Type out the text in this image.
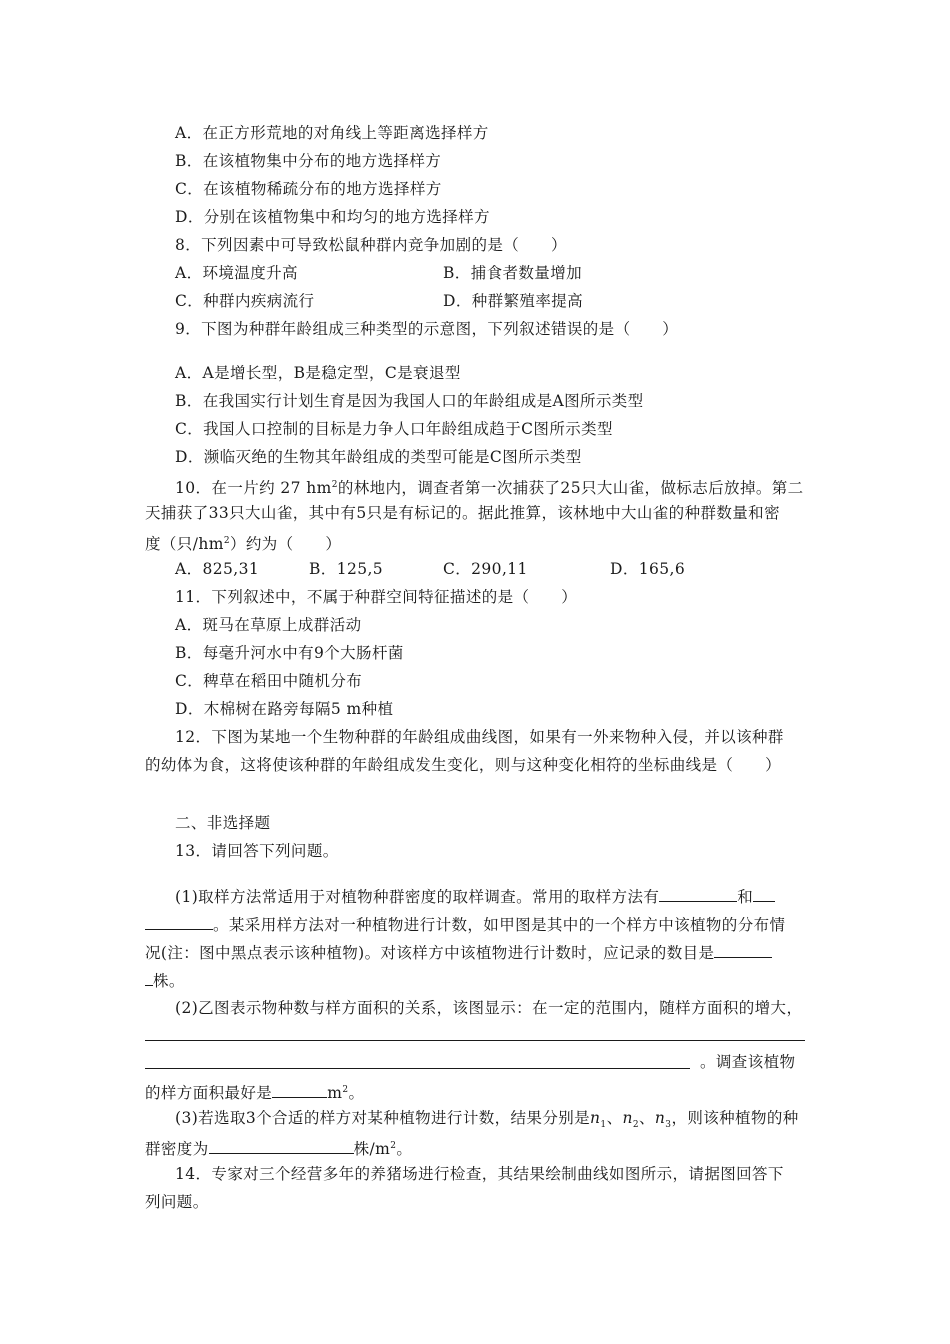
A．在正方形荒地的对角线上等距离选择样方
B．在该植物集中分布的地方选择样方
C．在该植物稀疏分布的地方选择样方
D．分别在该植物集中和均匀的地方选择样方
8．下列因素中可导致松鼠种群内竞争加剧的是（　　）
A．环境温度升高	B．捕食者数量增加
C．种群内疾病流行	D．种群繁殖率提高
9．下图为种群年龄组成三种类型的示意图，下列叙述错误的是（　　）
A．A是增长型，B是稳定型，C是衰退型
B．在我国实行计划生育是因为我国人口的年龄组成是A图所示类型
C．我国人口控制的目标是力争人口年龄组成趋于C图所示类型
D．濒临灭绝的生物其年龄组成的类型可能是C图所示类型
10．在一片约 27 $hm^2$的林地内，调查者第一次捕获了25只大山雀，做标志后放掉。第二
天捕获了33只大山雀，其中有5只是有标记的。据此推算，该林地中大山雀的种群数量和密
度（只$/hm^2$）约为（　　）
A．825,31	B．125,5	C．290,11	D．165,6
11．下列叙述中，不属于种群空间特征描述的是（　　）
A．斑马在草原上成群活动
B．每毫升河水中有9个大肠杆菌
C．稗草在稻田中随机分布
D．木棉树在路旁每隔5 m种植
12．下图为某地一个生物种群的年龄组成曲线图，如果有一外来物种入侵，并以该种群
的幼体为食，这将使该种群的年龄组成发生变化，则与这种变化相符的坐标曲线是（　　）
二、非选择题
13．请回答下列问题。
(1)取样方法常适用于对植物种群密度的取样调查。常用的取样方法有	和
。某采用样方法对一种植物进行计数，如甲图是其中的一个样方中该植物的分布情
况(注：图中黑点表示该种植物)。对该样方中该植物进行计数时，应记录的数目是
株。
(2)乙图表示物种数与样方面积的关系，该图显示：在一定的范围内，随样方面积的增大，
。调查该植物
的样方面积最好是	$m^2$。
(3)若选取3个合适的样方对某种植物进行计数，结果分别是$n_1$、$n_2$、$n_3$，则该种植物的种
群密度为	株$/m^2$。
14．专家对三个经营多年的养猪场进行检查，其结果绘制曲线如图所示，请据图回答下
列问题。
